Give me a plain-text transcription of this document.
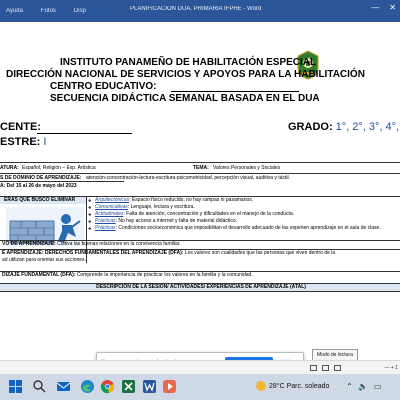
Ayuda	Fotos	Disp	PLANIFICACION DUA. PRIMARIA IFPHE - Word	— ✕
INSTITUTO PANAMEÑO DE HABILITACIÓN ESPECIAL
DIRECCIÓN NACIONAL DE SERVICIOS Y APOYOS PARA LA HABILITACIÓN
CENTRO EDUCATIVO:
SECUENCIA DIDÁCTICA SEMANAL BASADA EN EL DUA
CENTE:
ESTRE: I
GRADO: 1°, 2°, 3°, 4°,
ATURA: Español, Religión – Exp. Artística	TEMA: Valores Personales y Sociales
S DE DOMINIO DE APRENDIZAJE: atención-concentración-lectura-escritura-psicomotricidad, percepción visual, auditiva y táctil.
A: Del 15 al 26 de mayo del 2023
ERAS QUE BUSCO ELIMINAR
❖	Arquitectónicas: Espacio físico reducido, no hay rampas ni pasamanos.
❖ Comunicativas: Lenguaje, lectura y escritura.
❖ Actitudinales: Falta de atención, concentración y dificultades en el manejo de la conducta.
❖ Prácticas: No hay acceso a internet y falta de material didáctico.
❖ Prácticas: Condiciones socioeconómica que imposibilitan el desarrollo adecuado de las experien aprendizaje en el aula de clase.
VO DE APRENDIZAJE: Cultiva las buenas relaciones en la convivencia familiar.
E APRENDIZAJE: DERECHOS FUNDAMENTALES DEL APRENDIZAJE (DFA): Los valores son cualidades que las personas que viven dentro de la
ad utilizan para orientar sus acciones.
DIZAJE FUNDAMENTAL (DFA): Comprende la importancia de practicar los valores en la familia y la comunidad.
DESCRIPCIÓN DE LA SESIÓN/ ACTIVIDADES/ EXPERIENCIAS DE APRENDIZAJE (ATAL)
Modo de lectura
— + 1
28°C Parc. soleado ⌃ 🔈 ▭
